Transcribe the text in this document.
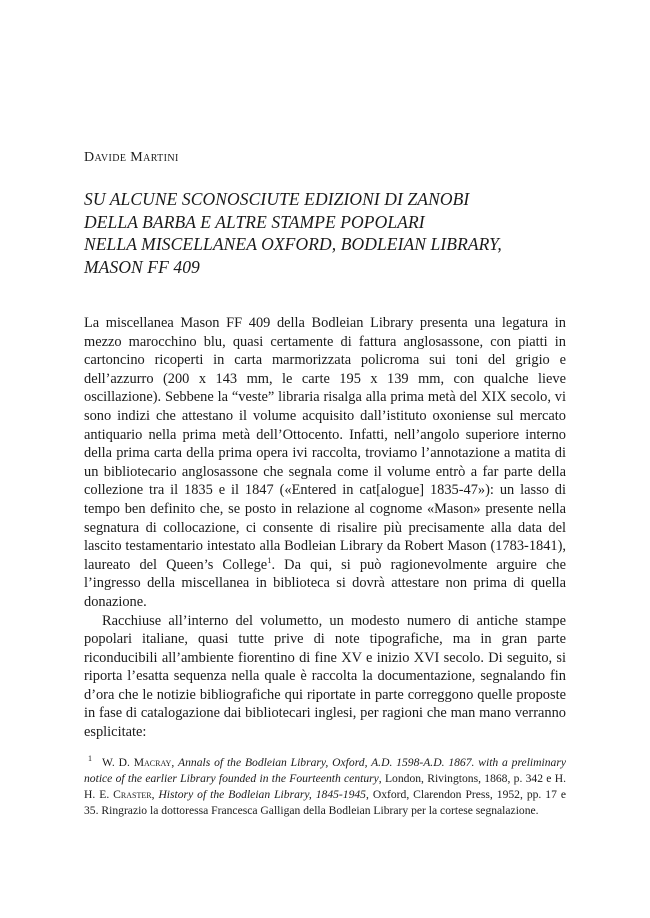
Davide Martini
SU ALCUNE SCONOSCIUTE EDIZIONI DI ZANOBI
DELLA BARBA E ALTRE STAMPE POPOLARI
NELLA MISCELLANEA OXFORD, BODLEIAN LIBRARY,
MASON FF 409

La miscellanea Mason FF 409 della Bodleian Library presenta una legatura in mezzo marocchino blu, quasi certamente di fattura anglosassone, con piatti in cartoncino ricoperti in carta marmorizzata policroma sui toni del grigio e dell’azzurro (200 x 143 mm, le carte 195 x 139 mm, con qualche lieve oscillazione). Sebbene la “veste” libraria risalga alla prima metà del XIX secolo, vi sono indizi che attestano il volume acquisito dall’istituto oxoniense sul mercato antiquario nella prima metà dell’Ottocento. Infatti, nell’angolo superiore interno della prima carta della prima opera ivi raccolta, troviamo l’annotazione a matita di un bibliotecario anglosassone che segnala come il volume entrò a far parte della collezione tra il 1835 e il 1847 («Entered in cat[alogue] 1835-47»): un lasso di tempo ben definito che, se posto in relazione al cognome «Mason» presente nella segnatura di collocazione, ci consente di risalire più precisamente alla data del lascito testamentario intestato alla Bodleian Library da Robert Mason (1783-1841), laureato del Queen’s College$^1$. Da qui, si può ragionevolmente arguire che l’ingresso della miscellanea in biblioteca si dovrà attestare non prima di quella donazione.

Racchiuse all’interno del volumetto, un modesto numero di antiche stampe popolari italiane, quasi tutte prive di note tipografiche, ma in gran parte riconducibili all’ambiente fiorentino di fine XV e inizio XVI secolo. Di seguito, si riporta l’esatta sequenza nella quale è raccolta la documentazione, segnalando fin d’ora che le notizie bibliografiche qui riportate in parte correggono quelle proposte in fase di catalogazione dai bibliotecari inglesi, per ragioni che man mano verranno esplicitate:

$^1$ W. D. Macray, Annals of the Bodleian Library, Oxford, A.D. 1598-A.D. 1867. with a preliminary notice of the earlier Library founded in the Fourteenth century, London, Rivingtons, 1868, p. 342 e H. H. E. Craster, History of the Bodleian Library, 1845-1945, Oxford, Clarendon Press, 1952, pp. 17 e 35. Ringrazio la dottoressa Francesca Galligan della Bodleian Library per la cortese segnalazione.
